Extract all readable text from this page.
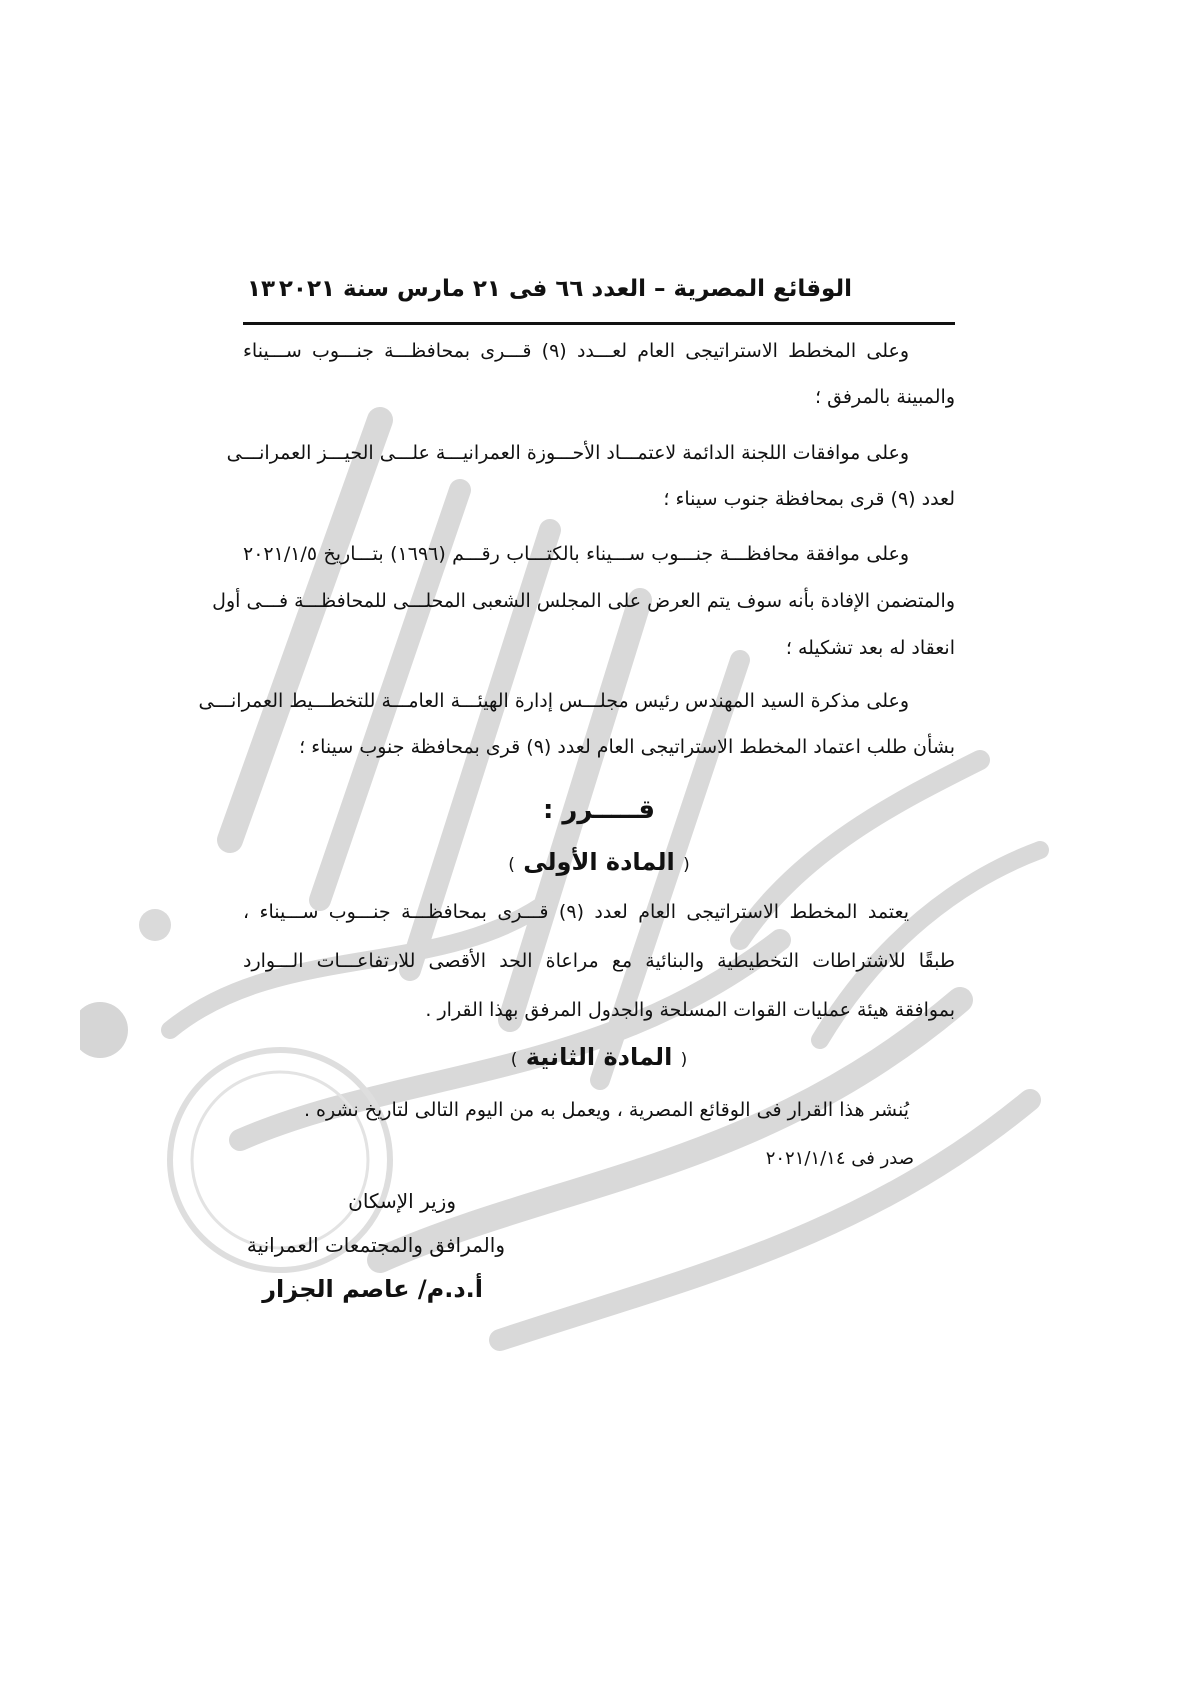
الوقائع المصرية – العدد ٦٦ فى ٢١ مارس سنة ٢٠٢١
١٣
وعلى المخطط الاستراتيجى العام لعـــدد (٩) قـــرى بمحافظـــة جنـــوب ســـيناء
والمبينة بالمرفق ؛
وعلى موافقات اللجنة الدائمة لاعتمـــاد الأحـــوزة العمرانيـــة علـــى الحيـــز العمرانـــى
لعدد (٩) قرى بمحافظة جنوب سيناء ؛
وعلى موافقة محافظـــة جنـــوب ســـيناء بالكتـــاب رقـــم (١٦٩٦) بتـــاريخ ٢٠٢١/١/٥
والمتضمن الإفادة بأنه سوف يتم العرض على المجلس الشعبى المحلـــى للمحافظـــة فـــى أول
انعقاد له بعد تشكيله ؛
وعلى مذكرة السيد المهندس رئيس مجلـــس إدارة الهيئـــة العامـــة للتخطـــيط العمرانـــى
بشأن طلب اعتماد المخطط الاستراتيجى العام لعدد (٩) قرى بمحافظة جنوب سيناء ؛
قـــــرر :
( المادة الأولى )
يعتمد المخطط الاستراتيجى العام لعدد (٩) قـــرى بمحافظـــة جنـــوب ســـيناء ،
طبقًا للاشتراطات التخطيطية والبنائية مع مراعاة الحد الأقصى للارتفاعـــات الـــوارد
بموافقة هيئة عمليات القوات المسلحة والجدول المرفق بهذا القرار .
( المادة الثانية )
يُنشر هذا القرار فى الوقائع المصرية ، ويعمل به من اليوم التالى لتاريخ نشره .
صدر فى ٢٠٢١/١/١٤
وزير الإسكان
والمرافق والمجتمعات العمرانية
أ.د.م/ عاصم الجزار
